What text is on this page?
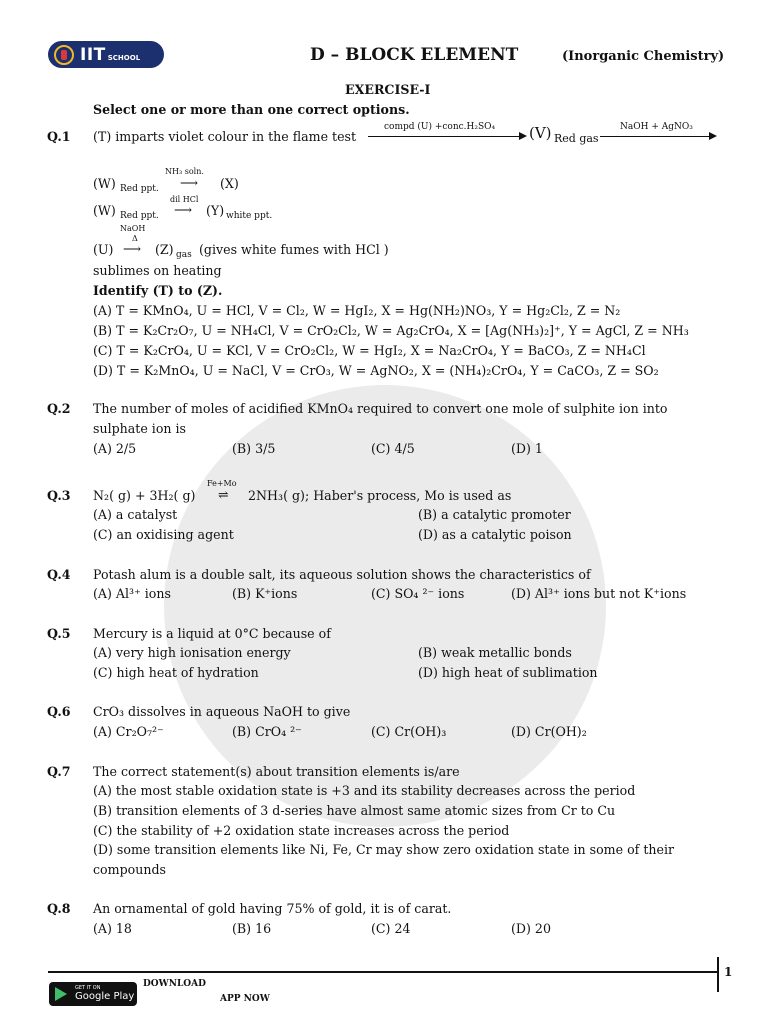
IIT SCHOOL	D – BLOCK ELEMENT	(Inorganic Chemistry)
EXERCISE-I
Select one or more than one correct options.
Q.1 (T) imparts violet colour in the flame test
compd (U) +conc.H₂SO₄ (V) Red gas
NaOH + AgNO₃
(W) Red ppt.
NH₃ soln.
⟶ (X)
(W) Red ppt.
dil HCl
⟶ (Y) white ppt.
NaOH
Δ
(U) ⟶ (Z) gas (gives white fumes with HCl )
sublimes on heating
Identify (T) to (Z).
(A) T = KMnO₄, U = HCl, V = Cl₂, W = HgI₂, X = Hg(NH₂)NO₃, Y = Hg₂Cl₂, Z = N₂
(B) T = K₂Cr₂O₇, U = NH₄Cl, V = CrO₂Cl₂, W = Ag₂CrO₄, X = [Ag(NH₃)₂]⁺, Y = AgCl, Z = NH₃
(C) T = K₂CrO₄, U = KCl, V = CrO₂Cl₂, W = HgI₂, X = Na₂CrO₄, Y = BaCO₃, Z = NH₄Cl
(D) T = K₂MnO₄, U = NaCl, V = CrO₃, W = AgNO₂, X = (NH₄)₂CrO₄, Y = CaCO₃, Z = SO₂
Q.2 The number of moles of acidified KMnO₄ required to convert one mole of sulphite ion into
sulphate ion is
(A) 2/5	(B) 3/5	(C) 4/5	(D) 1
Q.3 N₂( g) + 3H₂( g)
Fe+Mo
⇌ 2NH₃( g); Haber's process, Mo is used as
(A) a catalyst	(B) a catalytic promoter
(C) an oxidising agent	(D) as a catalytic poison
Q.4 Potash alum is a double salt, its aqueous solution shows the characteristics of
(A) Al³⁺ ions	(B) K⁺ions	(C) SO₄ ²⁻ ions	(D) Al³⁺ ions but not K⁺ions
Q.5 Mercury is a liquid at 0°C because of
(A) very high ionisation energy	(B) weak metallic bonds
(C) high heat of hydration	(D) high heat of sublimation
Q.6 CrO₃ dissolves in aqueous NaOH to give
(A) Cr₂O₇²⁻	(B) CrO₄ ²⁻	(C) Cr(OH)₃	(D) Cr(OH)₂
Q.7 The correct statement(s) about transition elements is/are
(A) the most stable oxidation state is +3 and its stability decreases across the period
(B) transition elements of 3 d-series have almost same atomic sizes from Cr to Cu
(C) the stability of +2 oxidation state increases across the period
(D) some transition elements like Ni, Fe, Cr may show zero oxidation state in some of their
compounds
Q.8 An ornamental of gold having 75% of gold, it is of carat.
(A) 18	(B) 16	(C) 24	(D) 20
1
GET IT ON
Google Play
DOWNLOAD
APP NOW
